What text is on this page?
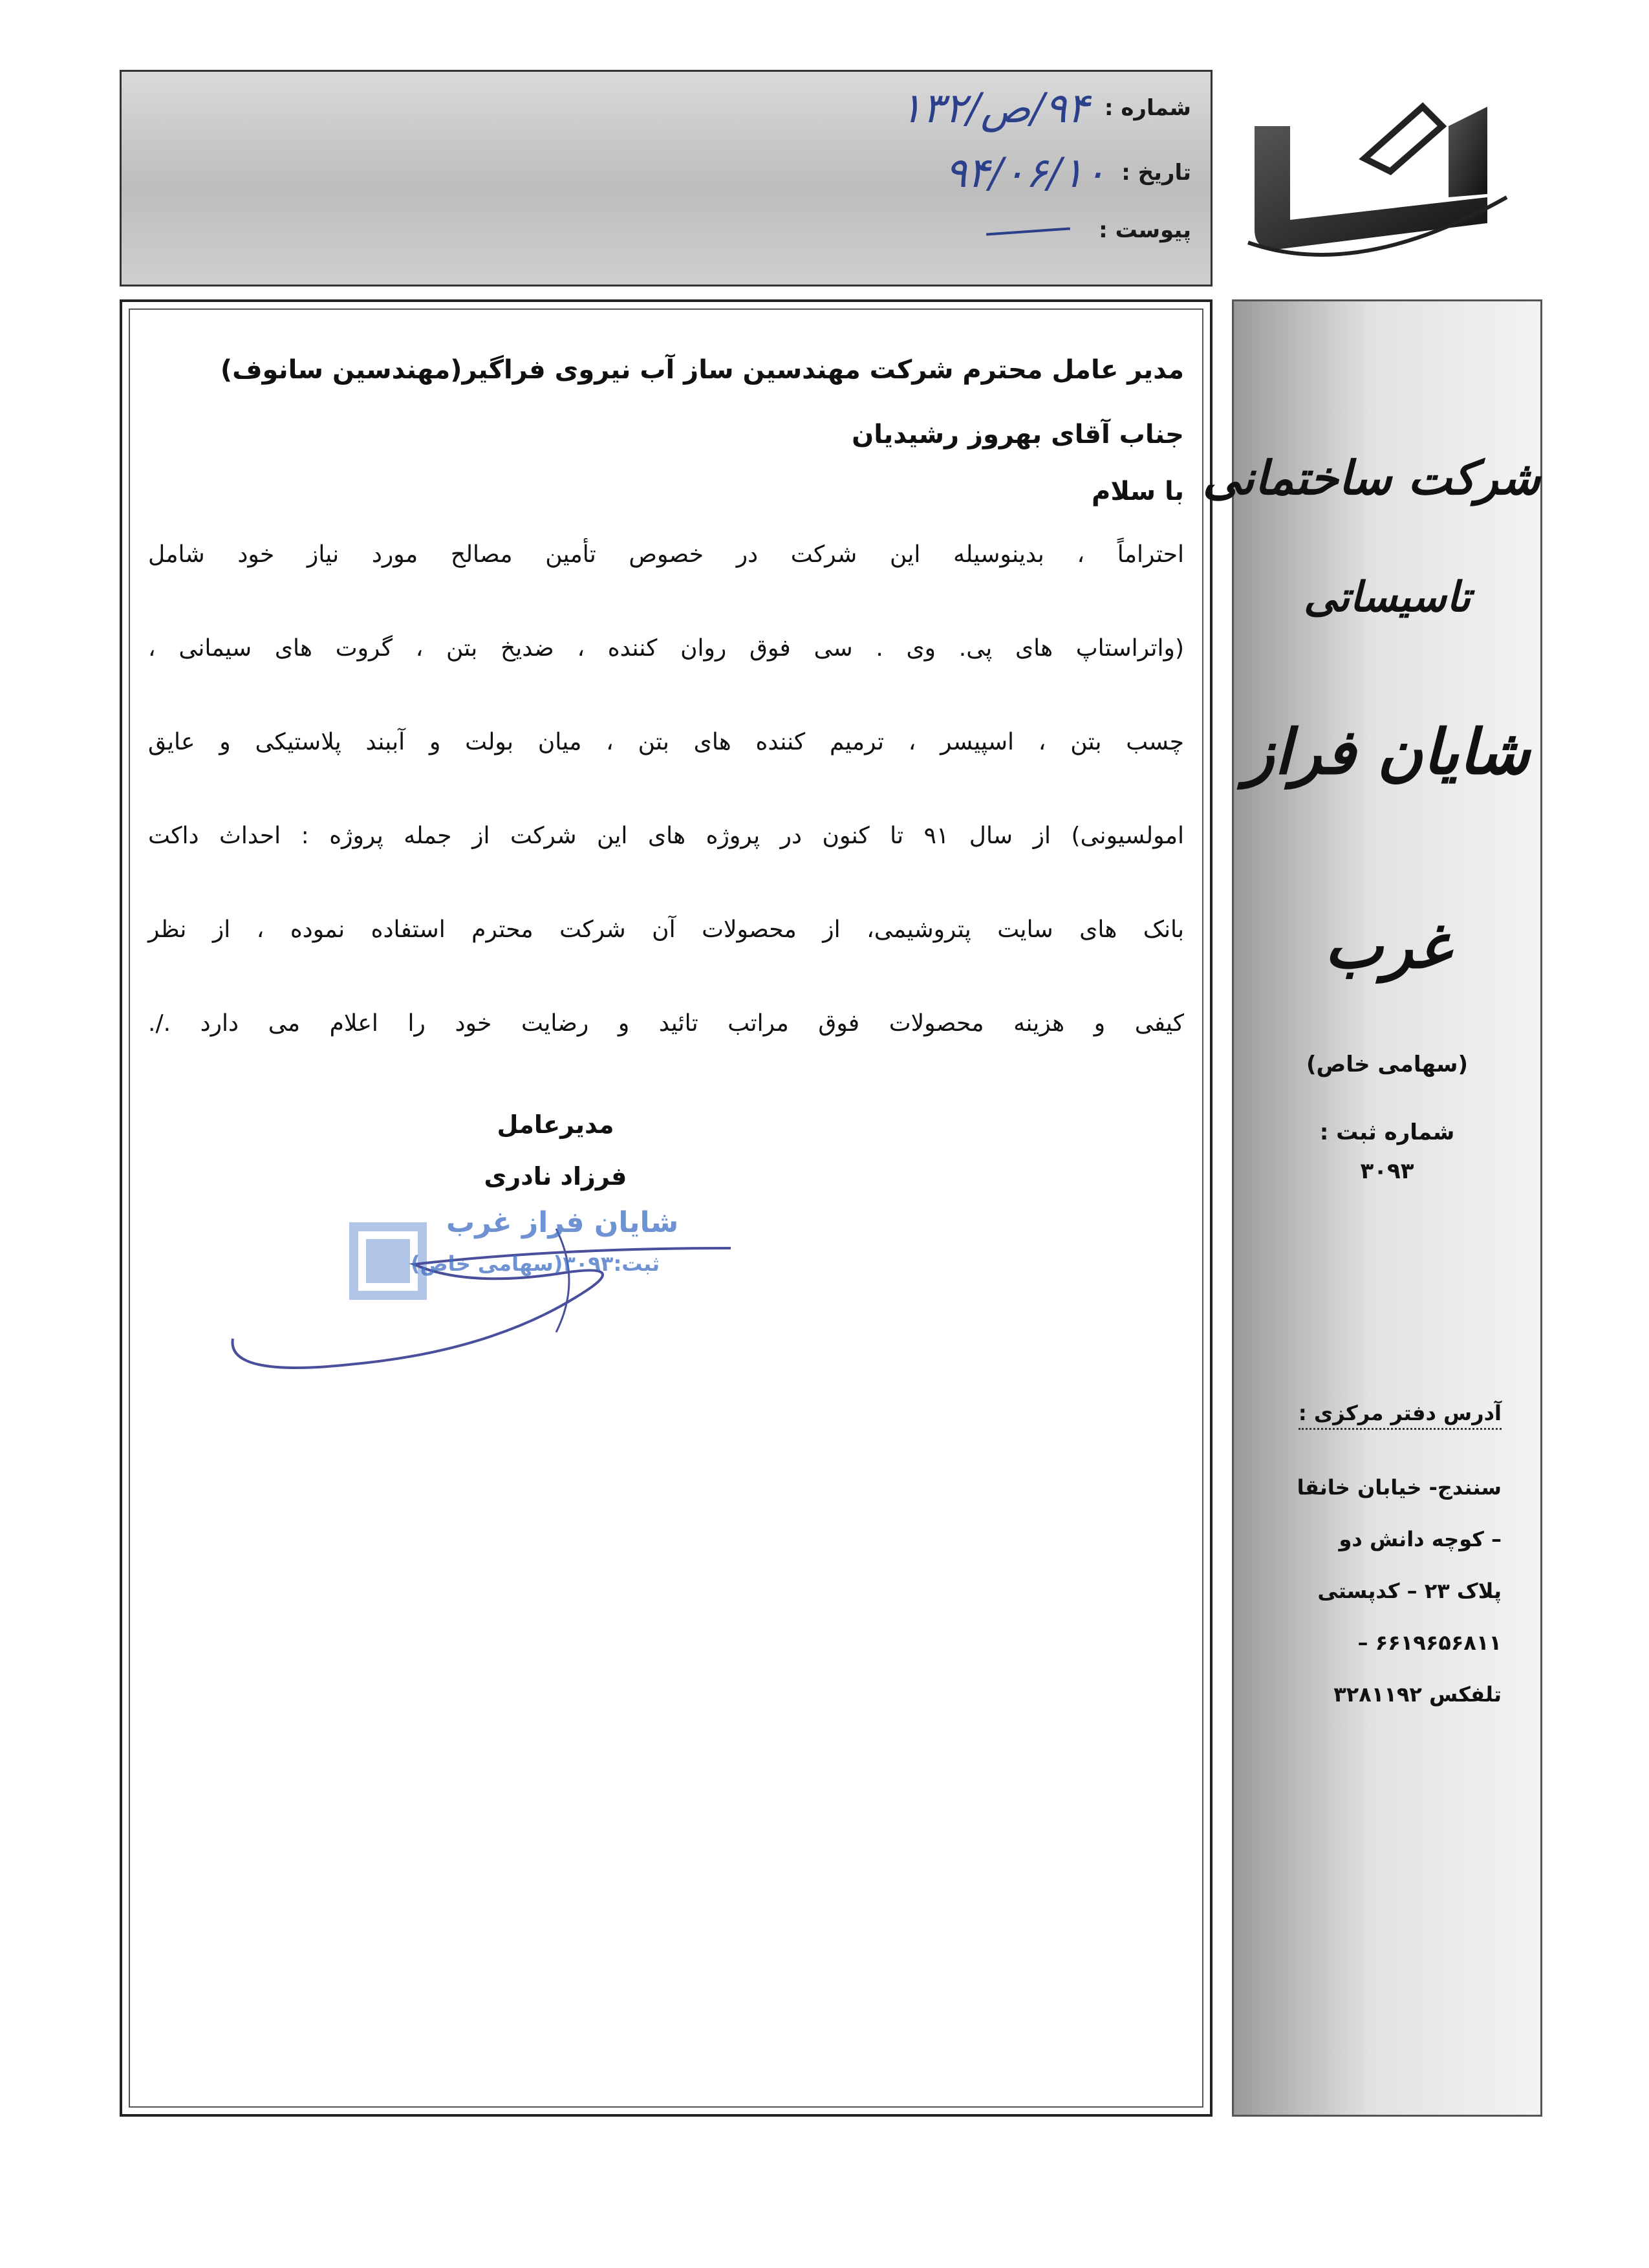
شماره : ۹۴/ص/۱۳۲
تاریخ : ۹۴/۰۶/۱۰
پیوست :
مدیر عامل محترم شرکت مهندسین ساز آب نیروی فراگیر(مهندسین سانوف)
جناب آقای بهروز رشیدیان
با سلام
احتراماً ، بدینوسیله این شرکت در خصوص تأمین مصالح مورد نیاز خود شامل
(واتراستاپ های پی. وی . سی فوق روان کننده ، ضدیخ بتن ، گروت های سیمانی ،
چسب بتن ، اسپیسر ، ترمیم کننده های بتن ، میان بولت و آببند پلاستیکی و عایق
امولسیونی) از سال ۹۱ تا کنون در پروژه های این شرکت از جمله پروژه : احداث داکت
بانک های سایت پتروشیمی، از محصولات آن شرکت محترم استفاده نموده ، از نظر
کیفی و هزینه محصولات فوق مراتب تائید و رضایت خود را اعلام می دارد ./.
مدیرعامل
فرزاد نادری
شایان فراز غرب
ثبت:۳۰۹۳(سهامی خاص)
شرکت ساختمانی
تاسیساتی
شایان فراز
غرب
(سهامی خاص)
شماره ثبت :
۳۰۹۳
آدرس دفتر مرکزی :
سنندج- خیابان خانقا
– کوچه دانش دو
پلاک ۲۳ – کدپستی
۶۶۱۹۶۵۶۸۱۱ –
تلفکس ۳۲۸۱۱۹۲
